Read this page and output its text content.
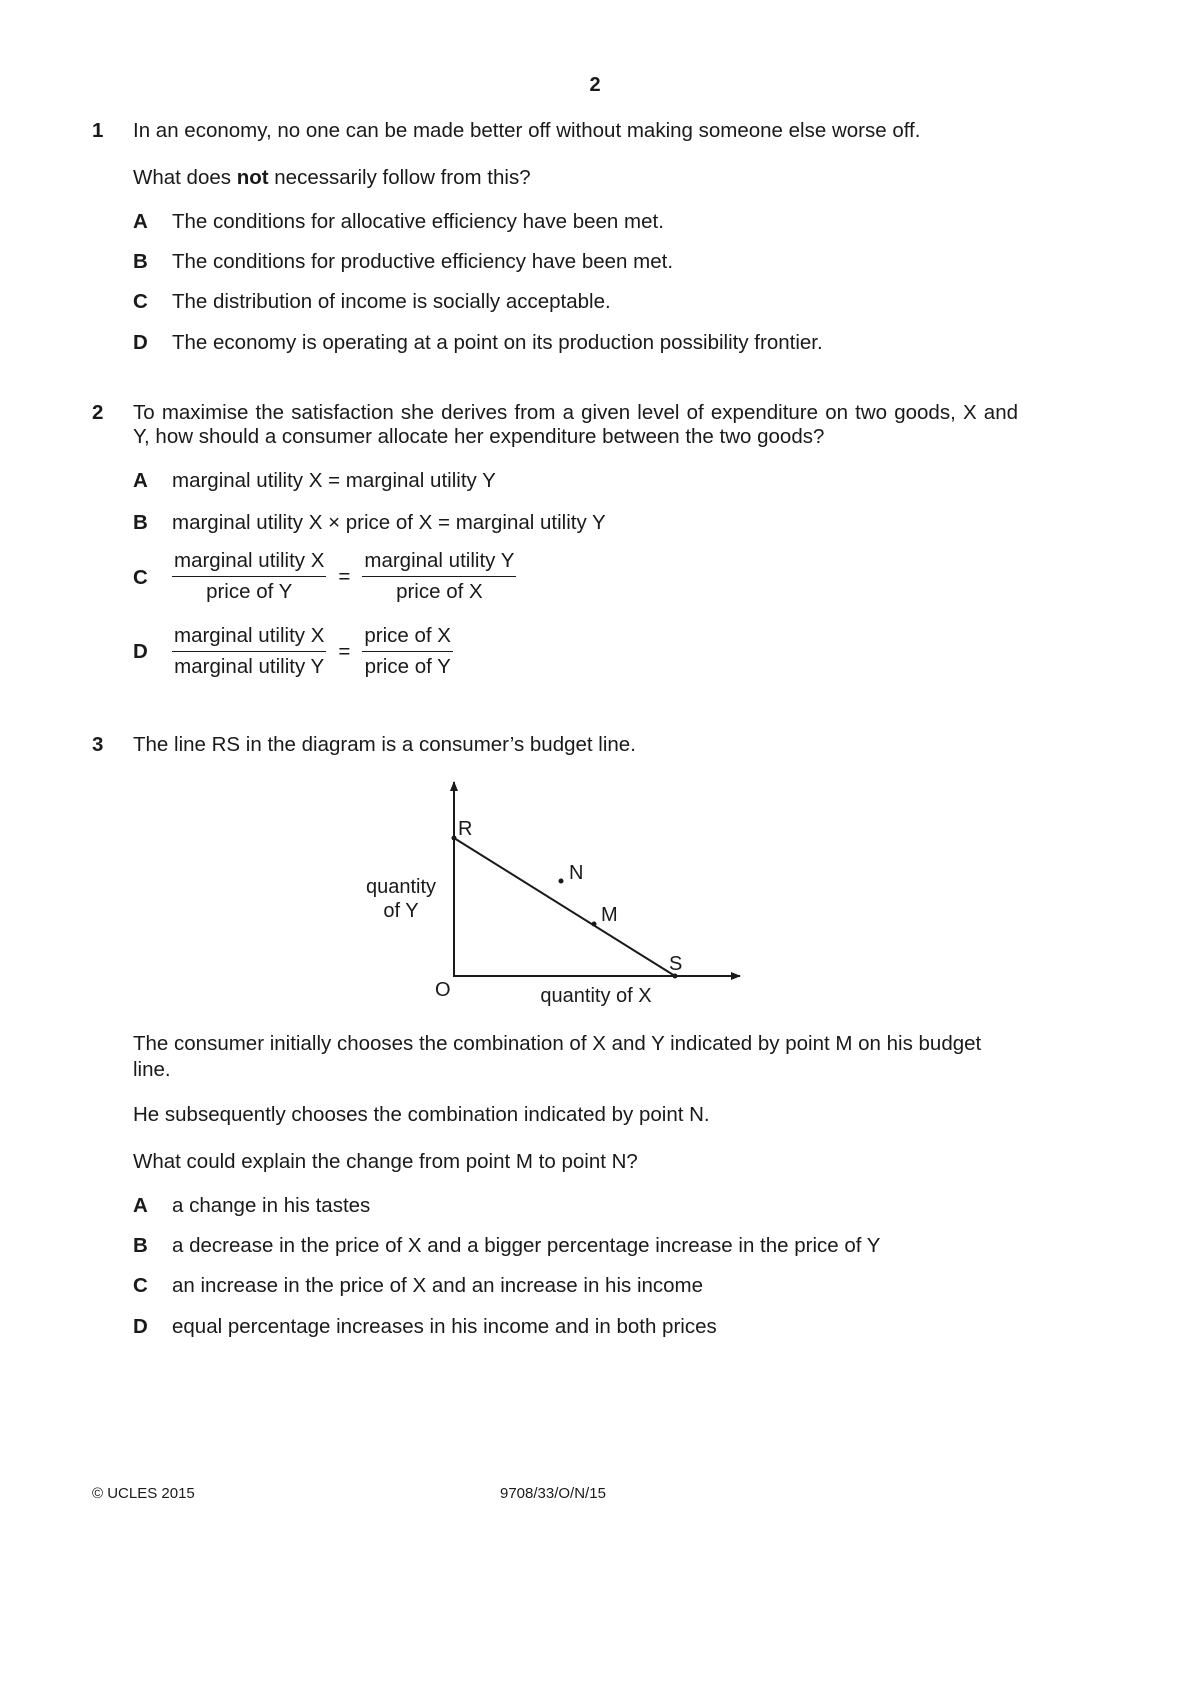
2
1 In an economy, no one can be made better off without making someone else worse off.
What does not necessarily follow from this?
A The conditions for allocative efficiency have been met.
B The conditions for productive efficiency have been met.
C The distribution of income is socially acceptable.
D The economy is operating at a point on its production possibility frontier.
2 To maximise the satisfaction she derives from a given level of expenditure on two goods, X and
Y, how should a consumer allocate her expenditure between the two goods?
A marginal utility X = marginal utility Y
B marginal utility X × price of X = marginal utility Y
C $\frac{\text{marginal utility X}}{\text{price of Y}} = \frac{\text{marginal utility Y}}{\text{price of X}}$
D $\frac{\text{marginal utility X}}{\text{marginal utility Y}} = \frac{\text{price of X}}{\text{price of Y}}$
3 The line RS in the diagram is a consumer’s budget line.
R
S
N
M
O
quantity
of Y
quantity of X
The consumer initially chooses the combination of X and Y indicated by point M on his budget line.
He subsequently chooses the combination indicated by point N.
What could explain the change from point M to point N?
A a change in his tastes
B a decrease in the price of X and a bigger percentage increase in the price of Y
C an increase in the price of X and an increase in his income
D equal percentage increases in his income and in both prices
© UCLES 2015	9708/33/O/N/15
